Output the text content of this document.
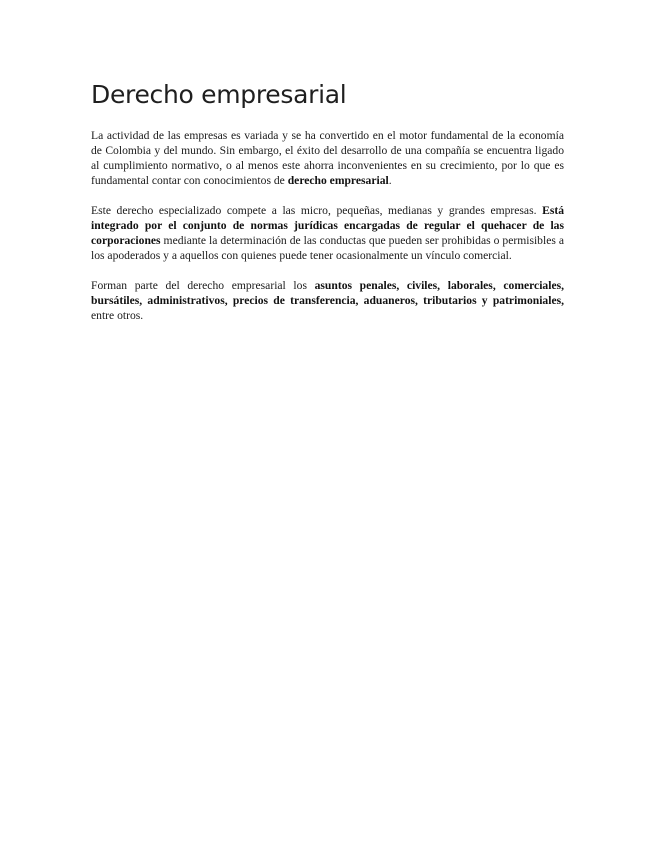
Derecho empresarial

La actividad de las empresas es variada y se ha convertido en el motor fundamental de la economía de Colombia y del mundo. Sin embargo, el éxito del desarrollo de una compañía se encuentra ligado al cumplimiento normativo, o al menos este ahorra inconvenientes en su crecimiento, por lo que es fundamental contar con conocimientos de derecho empresarial.

Este derecho especializado compete a las micro, pequeñas, medianas y grandes empresas. Está integrado por el conjunto de normas jurídicas encargadas de regular el quehacer de las corporaciones mediante la determinación de las conductas que pueden ser prohibidas o permisibles a los apoderados y a aquellos con quienes puede tener ocasionalmente un vínculo comercial.

Forman parte del derecho empresarial los asuntos penales, civiles, laborales, comerciales, bursátiles, administrativos, precios de transferencia, aduaneros, tributarios y patrimoniales, entre otros.
